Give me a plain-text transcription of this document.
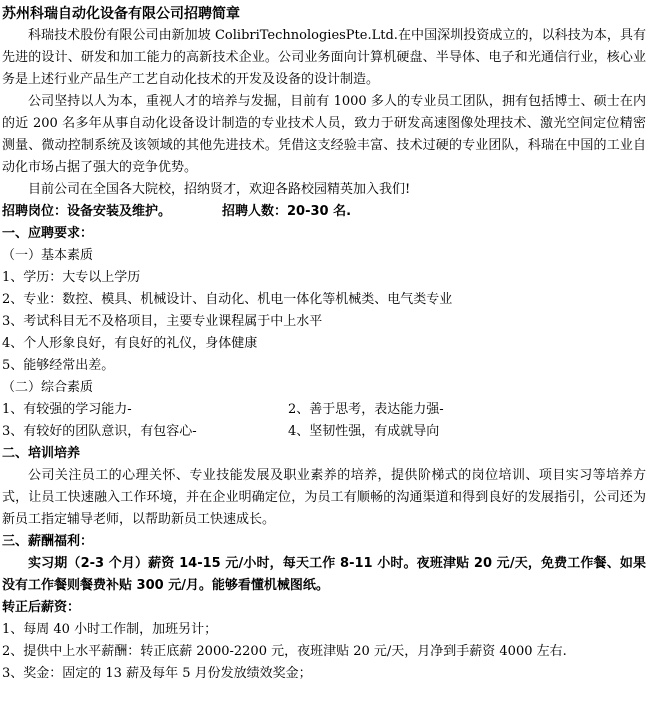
苏州科瑞自动化设备有限公司招聘简章

科瑞技术股份有限公司由新加坡 ColibriTechnologiesPte.Ltd.在中国深圳投资成立的，以科技为本，具有先进的设计、研发和加工能力的高新技术企业。公司业务面向计算机硬盘、半导体、电子和光通信行业，核心业务是上述行业产品生产工艺自动化技术的开发及设备的设计制造。

公司坚持以人为本，重视人才的培养与发掘，目前有 1000 多人的专业员工团队，拥有包括博士、硕士在内的近 200 名多年从事自动化设备设计制造的专业技术人员，致力于研发高速图像处理技术、激光空间定位精密测量、微动控制系统及该领域的其他先进技术。凭借这支经验丰富、技术过硬的专业团队，科瑞在中国的工业自动化市场占据了强大的竞争优势。

目前公司在全国各大院校，招纳贤才，欢迎各路校园精英加入我们!

招聘岗位：设备安装及维护。	招聘人数：20-30 名.
一、应聘要求：
（一）基本素质
1、学历：大专以上学历
2、专业：数控、模具、机械设计、自动化、机电一体化等机械类、电气类专业
3、考试科目无不及格项目，主要专业课程属于中上水平
4、个人形象良好，有良好的礼仪，身体健康
5、能够经常出差。
（二）综合素质
1、有较强的学习能力-	2、善于思考，表达能力强-
3、有较好的团队意识，有包容心-	4、坚韧性强，有成就导向
二、培训培养

公司关注员工的心理关怀、专业技能发展及职业素养的培养，提供阶梯式的岗位培训、项目实习等培养方式，让员工快速融入工作环境，并在企业明确定位，为员工有顺畅的沟通渠道和得到良好的发展指引，公司还为新员工指定辅导老师，以帮助新员工快速成长。

三、薪酬福利：

实习期（2-3 个月）薪资 14-15 元/小时，每天工作 8-11 小时。夜班津贴 20 元/天，免费工作餐、如果没有工作餐则餐费补贴 300 元/月。能够看懂机械图纸。

转正后薪资：
1、每周 40 小时工作制，加班另计；
2、提供中上水平薪酬：转正底薪 2000-2200 元，夜班津贴 20 元/天，月净到手薪资 4000 左右.
3、奖金：固定的 13 薪及每年 5 月份发放绩效奖金；
